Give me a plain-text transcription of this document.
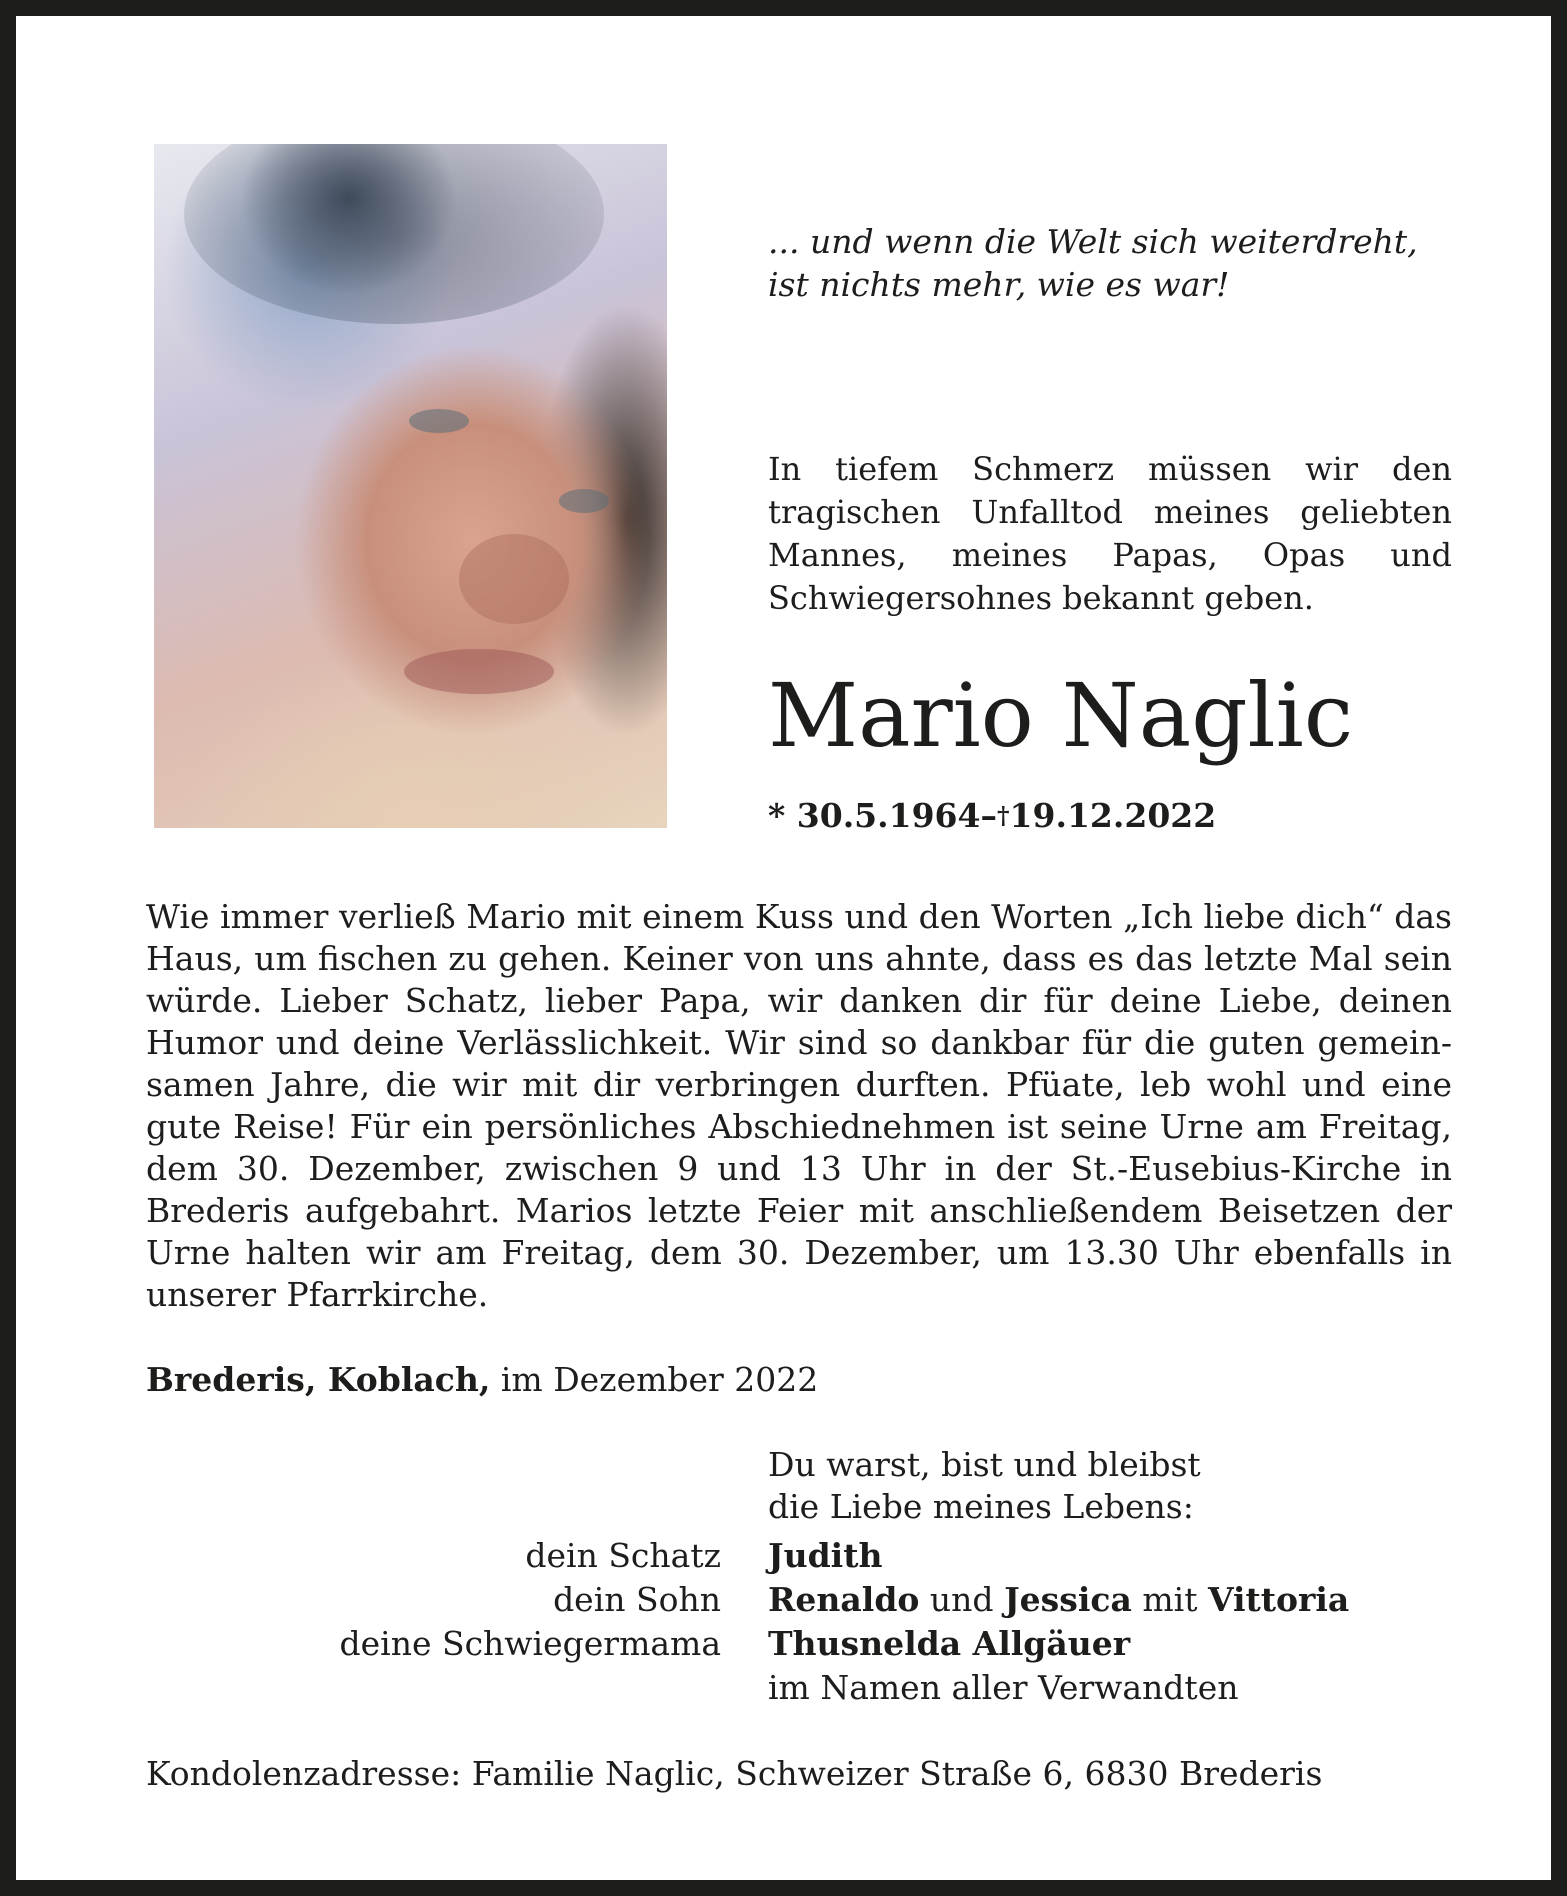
... und wenn die Welt sich weiterdreht,
ist nichts mehr, wie es war!
In tiefem Schmerz müssen wir den tragischen Unfalltod meines geliebten Mannes, meines Papas, Opas und Schwiegersohnes bekannt geben.
Mario Naglic
* 30.5.1964–†19.12.2022
Wie immer verließ Mario mit einem Kuss und den Worten „Ich liebe dich“ das Haus, um fischen zu gehen. Keiner von uns ahnte, dass es das letzte Mal sein würde. Lieber Schatz, lieber Papa, wir danken dir für deine Liebe, deinen Humor und deine Verlässlichkeit. Wir sind so dankbar für die guten gemeinsamen Jahre, die wir mit dir verbringen durften. Pfüate, leb wohl und eine gute Reise! Für ein persönliches Abschiednehmen ist seine Urne am Freitag, dem 30. Dezember, zwischen 9 und 13 Uhr in der St.-Eusebius-Kirche in Brederis aufgebahrt. Marios letzte Feier mit anschließendem Beisetzen der Urne halten wir am Freitag, dem 30. Dezember, um 13.30 Uhr ebenfalls in unserer Pfarrkirche.
Brederis, Koblach, im Dezember 2022
Du warst, bist und bleibst
die Liebe meines Lebens:
dein Schatz Judith
dein Sohn Renaldo und Jessica mit Vittoria
deine Schwiegermama Thusnelda Allgäuer
im Namen aller Verwandten
Kondolenzadresse: Familie Naglic, Schweizer Straße 6, 6830 Brederis
